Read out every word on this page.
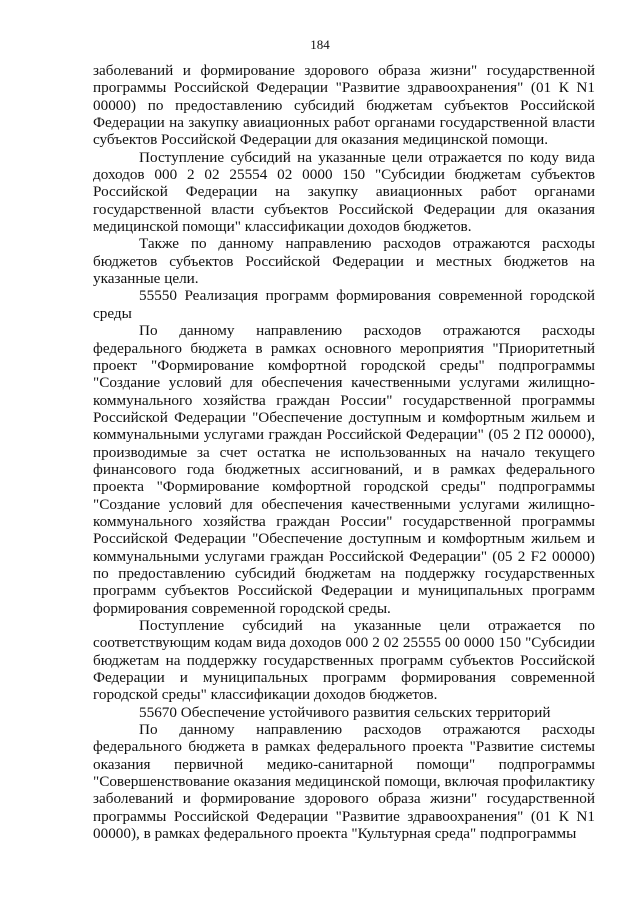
184

заболеваний и формирование здорового образа жизни" государственной программы Российской Федерации "Развитие здравоохранения" (01 К N1 00000) по предоставлению субсидий бюджетам субъектов Российской Федерации на закупку авиационных работ органами государственной власти субъектов Российской Федерации для оказания медицинской помощи.

Поступление субсидий на указанные цели отражается по коду вида доходов 000 2 02 25554 02 0000 150 "Субсидии бюджетам субъектов Российской Федерации на закупку авиационных работ органами государственной власти субъектов Российской Федерации для оказания медицинской помощи" классификации доходов бюджетов.

Также по данному направлению расходов отражаются расходы бюджетов субъектов Российской Федерации и местных бюджетов на указанные цели.

55550 Реализация программ формирования современной городской среды

По данному направлению расходов отражаются расходы федерального бюджета в рамках основного мероприятия "Приоритетный проект "Формирование комфортной городской среды" подпрограммы "Создание условий для обеспечения качественными услугами жилищно-коммунального хозяйства граждан России" государственной программы Российской Федерации "Обеспечение доступным и комфортным жильем и коммунальными услугами граждан Российской Федерации" (05 2 П2 00000), производимые за счет остатка не использованных на начало текущего финансового года бюджетных ассигнований, и в рамках федерального проекта "Формирование комфортной городской среды" подпрограммы "Создание условий для обеспечения качественными услугами жилищно-коммунального хозяйства граждан России" государственной программы Российской Федерации "Обеспечение доступным и комфортным жильем и коммунальными услугами граждан Российской Федерации" (05 2 F2 00000) по предоставлению субсидий бюджетам на поддержку государственных программ субъектов Российской Федерации и муниципальных программ формирования современной городской среды.

Поступление субсидий на указанные цели отражается по соответствующим кодам вида доходов 000 2 02 25555 00 0000 150 "Субсидии бюджетам на поддержку государственных программ субъектов Российской Федерации и муниципальных программ формирования современной городской среды" классификации доходов бюджетов.

55670 Обеспечение устойчивого развития сельских территорий

По данному направлению расходов отражаются расходы федерального бюджета в рамках федерального проекта "Развитие системы оказания первичной медико-санитарной помощи" подпрограммы "Совершенствование оказания медицинской помощи, включая профилактику заболеваний и формирование здорового образа жизни" государственной программы Российской Федерации "Развитие здравоохранения" (01 К N1 00000), в рамках федерального проекта "Культурная среда" подпрограммы
